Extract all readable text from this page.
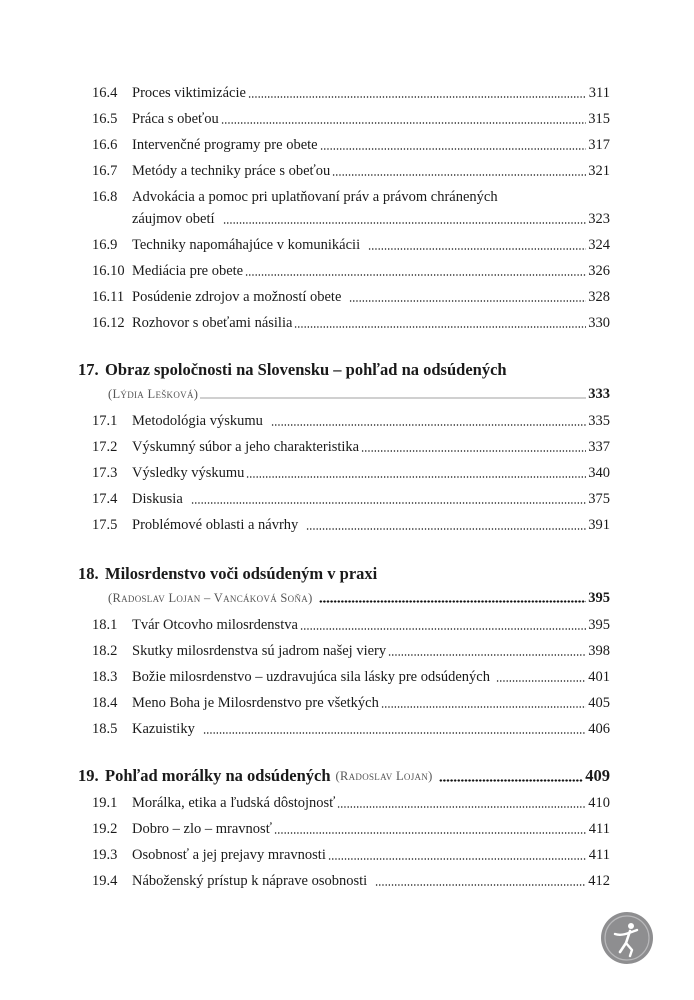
16.4	Proces viktimizácie	311
16.5	Práca s obeťou	315
16.6	Intervenčné programy pre obete	317
16.7	Metódy a techniky práce s obeťou	321
16.8	Advokácia a pomoc pri uplatňovaní práv a právom chránených
záujmov obetí	323
16.9	Techniky napomáhajúce v komunikácii	324
16.10 Mediácia pre obete	326
16.11 Posúdenie zdrojov a možností obete	328
16.12 Rozhovor s obeťami násilia	330
17. Obraz spoločnosti na Slovensku – pohľad na odsúdených
(Lýdia Lešková)	333
17.1	Metodológia výskumu	335
17.2	Výskumný súbor a jeho charakteristika	337
17.3	Výsledky výskumu	340
17.4	Diskusia	375
17.5	Problémové oblasti a návrhy	391
18. Milosrdenstvo voči odsúdeným v praxi
(Radoslav Lojan – Vancáková Soňa)	395
18.1	Tvár Otcovho milosrdenstva	395
18.2	Skutky milosrdenstva sú jadrom našej viery	398
18.3	Božie milosrdenstvo – uzdravujúca sila lásky pre odsúdených	401
18.4	Meno Boha je Milosrdenstvo pre všetkých	405
18.5	Kazuistiky	406
19. Pohľad morálky na odsúdených (Radoslav Lojan)	409
19.1	Morálka, etika a ľudská dôstojnosť	410
19.2	Dobro – zlo – mravnosť	411
19.3	Osobnosť a jej prejavy mravnosti	411
19.4	Náboženský prístup k náprave osobnosti	412
